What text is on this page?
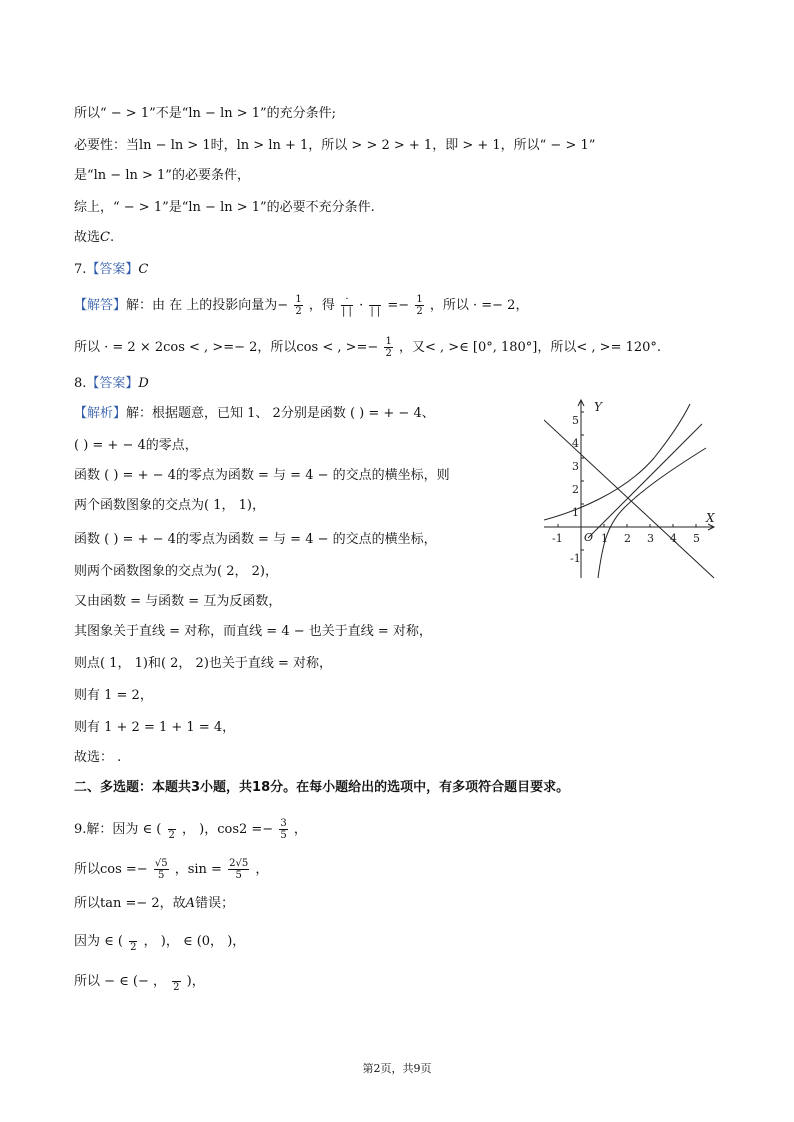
所以“ − > 1”不是“ln − ln > 1”的充分条件;
必要性：当ln − ln > 1时，ln > ln + 1，所以 > > 2 > + 1，即 > + 1，所以“ − > 1”
是“ln − ln > 1”的必要条件，
综上，“ − > 1”是“ln − ln > 1”的必要不充分条件.
故选C.
7.【答案】C
【解答】解：由 在 上的投影向量为− $\frac{1}{2}$ ，得 $\frac{\cdot}{| |}$ ·
| | =− $\frac{1}{2}$ ，所以 · =− 2，
所以 · = 2 × 2cos < , >=− 2，所以cos < , >=− $\frac{1}{2}$ ，又< , >∈ [0°, 180°]，所以< , >= 120°.
8.【答案】D
【解析】解：根据题意，已知 1、 2分别是函数 ( ) = + − 4、
( ) = + − 4的零点，
函数 ( ) = + − 4的零点为函数 = 与 = 4 − 的交点的横坐标，则
两个函数图象的交点为( 1， 1)，
函数 ( ) = + − 4的零点为函数 = 与 = 4 − 的交点的横坐标，
则两个函数图象的交点为( 2， 2)，
又由函数 = 与函数 = 互为反函数，
其图象关于直线 = 对称，而直线 = 4 − 也关于直线 = 对称，
则点( 1， 1)和( 2， 2)也关于直线 = 对称，
则有 1 = 2，
则有 1 + 2 = 1 + 1 = 4，
故选： .
二、多选题：本题共3小题，共18分。在每小题给出的选项中，有多项符合题目要求。
9.解：因为 ∈ (
2 ， )，$\cos 2 =- \frac{3}{5}$ ，
所以$\cos =- \frac{√5}{5}$ ，$\sin = \frac{2√5}{5}$ ，
所以tan =− 2，故A错误；
因为 ∈ (
2 ， )， ∈ (0， )，
所以 − ∈ (− ，
2 )，
Y
X
O
-1	1 2 3 4 5
5
4
3
2
1
-1
第2页，共9页
